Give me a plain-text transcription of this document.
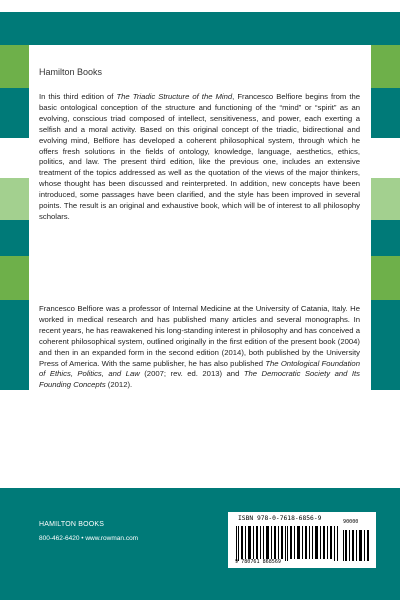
Hamilton Books

In this third edition of The Triadic Structure of the Mind, Francesco Belfiore begins from the basic ontological conception of the structure and functioning of the “mind” or “spirit” as an evolving, conscious triad composed of intellect, sensitiveness, and power, each exerting a selfish and a moral activity. Based on this original concept of the triadic, bidirectional and evolving mind, Belfiore has developed a coherent philosophical system, through which he offers fresh solutions in the fields of ontology, knowledge, language, aesthetics, ethics, politics, and law. The present third edition, like the previous one, includes an extensive treatment of the topics addressed as well as the quotation of the views of the major thinkers, whose thought has been discussed and reinterpreted. In addition, new concepts have been introduced, some passages have been clarified, and the style has been improved in several points. The result is an original and exhaustive book, which will be of interest to all philosophy scholars.

Francesco Belfiore was a professor of Internal Medicine at the University of Catania, Italy. He worked in medical research and has published many articles and several monographs. In recent years, he has reawakened his long-standing interest in philosophy and has conceived a coherent philosophical system, outlined originally in the first edition of the present book (2004) and then in an expanded form in the second edition (2014), both published by the University Press of America. With the same publisher, he has also published The Ontological Foundation of Ethics, Politics, and Law (2007; rev. ed. 2013) and The Democratic Society and Its Founding Concepts (2012).

HAMILTON BOOKS
800-462-6420 • www.rowman.com
ISBN 978-0-7618-6856-9	90000
9 780761 868569
